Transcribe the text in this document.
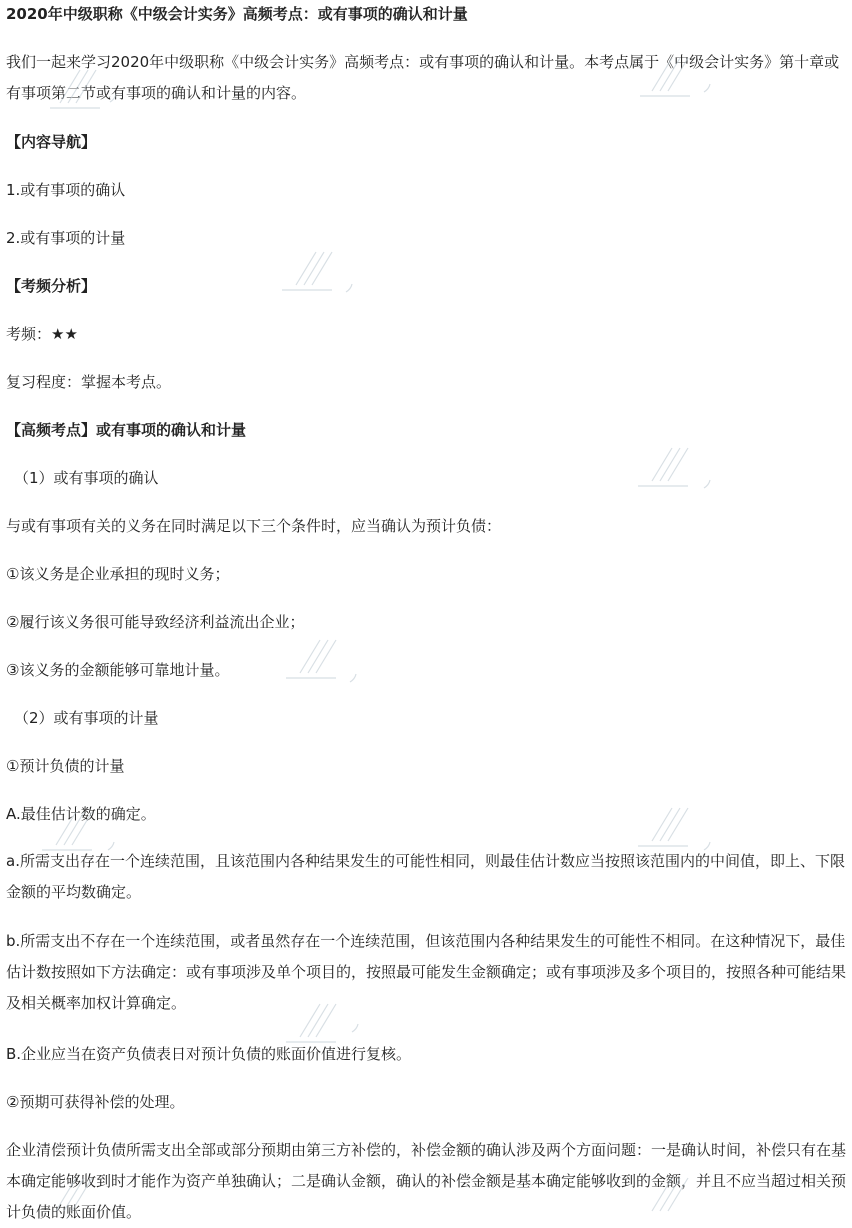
2020年中级职称《中级会计实务》高频考点：或有事项的确认和计量

我们一起来学习2020年中级职称《中级会计实务》高频考点：或有事项的确认和计量。本考点属于《中级会计实务》第十章或有事项第二节或有事项的确认和计量的内容。

【内容导航】

1.或有事项的确认

2.或有事项的计量

【考频分析】

考频：★★

复习程度：掌握本考点。

【高频考点】或有事项的确认和计量

（1）或有事项的确认

与或有事项有关的义务在同时满足以下三个条件时，应当确认为预计负债：

①该义务是企业承担的现时义务；

②履行该义务很可能导致经济利益流出企业；

③该义务的金额能够可靠地计量。

（2）或有事项的计量

①预计负债的计量

A.最佳估计数的确定。

a.所需支出存在一个连续范围，且该范围内各种结果发生的可能性相同，则最佳估计数应当按照该范围内的中间值，即上、下限金额的平均数确定。

b.所需支出不存在一个连续范围，或者虽然存在一个连续范围，但该范围内各种结果发生的可能性不相同。在这种情况下，最佳估计数按照如下方法确定：或有事项涉及单个项目的，按照最可能发生金额确定；或有事项涉及多个项目的，按照各种可能结果及相关概率加权计算确定。

B.企业应当在资产负债表日对预计负债的账面价值进行复核。

②预期可获得补偿的处理。

企业清偿预计负债所需支出全部或部分预期由第三方补偿的，补偿金额的确认涉及两个方面问题：一是确认时间，补偿只有在基本确定能够收到时才能作为资产单独确认；二是确认金额，确认的补偿金额是基本确定能够收到的金额，并且不应当超过相关预计负债的账面价值。
